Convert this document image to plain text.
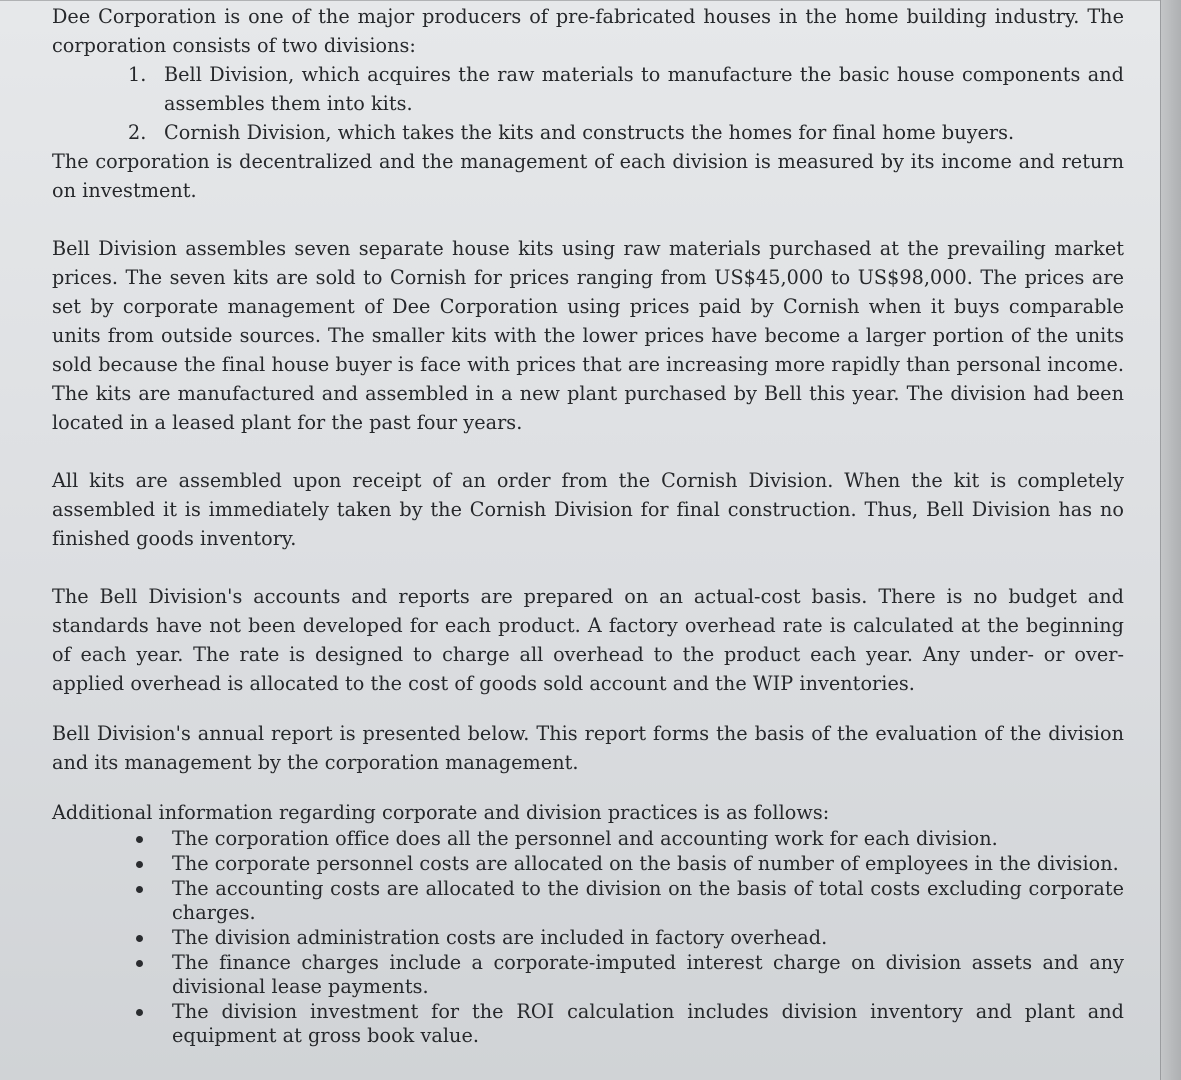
Dee Corporation is one of the major producers of pre-fabricated houses in the home building industry. The corporation consists of two divisions:

1. Bell Division, which acquires the raw materials to manufacture the basic house components and assembles them into kits.
2. Cornish Division, which takes the kits and constructs the homes for final home buyers.

The corporation is decentralized and the management of each division is measured by its income and return on investment.

Bell Division assembles seven separate house kits using raw materials purchased at the prevailing market prices. The seven kits are sold to Cornish for prices ranging from US$45,000 to US$98,000. The prices are set by corporate management of Dee Corporation using prices paid by Cornish when it buys comparable units from outside sources. The smaller kits with the lower prices have become a larger portion of the units sold because the final house buyer is face with prices that are increasing more rapidly than personal income. The kits are manufactured and assembled in a new plant purchased by Bell this year. The division had been located in a leased plant for the past four years.

All kits are assembled upon receipt of an order from the Cornish Division. When the kit is completely assembled it is immediately taken by the Cornish Division for final construction. Thus, Bell Division has no finished goods inventory.

The Bell Division's accounts and reports are prepared on an actual-cost basis. There is no budget and standards have not been developed for each product. A factory overhead rate is calculated at the beginning of each year. The rate is designed to charge all overhead to the product each year. Any under- or over- applied overhead is allocated to the cost of goods sold account and the WIP inventories.

Bell Division's annual report is presented below. This report forms the basis of the evaluation of the division and its management by the corporation management.

Additional information regarding corporate and division practices is as follows:

The corporation office does all the personnel and accounting work for each division.
The corporate personnel costs are allocated on the basis of number of employees in the division.
The accounting costs are allocated to the division on the basis of total costs excluding corporate charges.
The division administration costs are included in factory overhead.
The finance charges include a corporate-imputed interest charge on division assets and any divisional lease payments.
The division investment for the ROI calculation includes division inventory and plant and equipment at gross book value.
